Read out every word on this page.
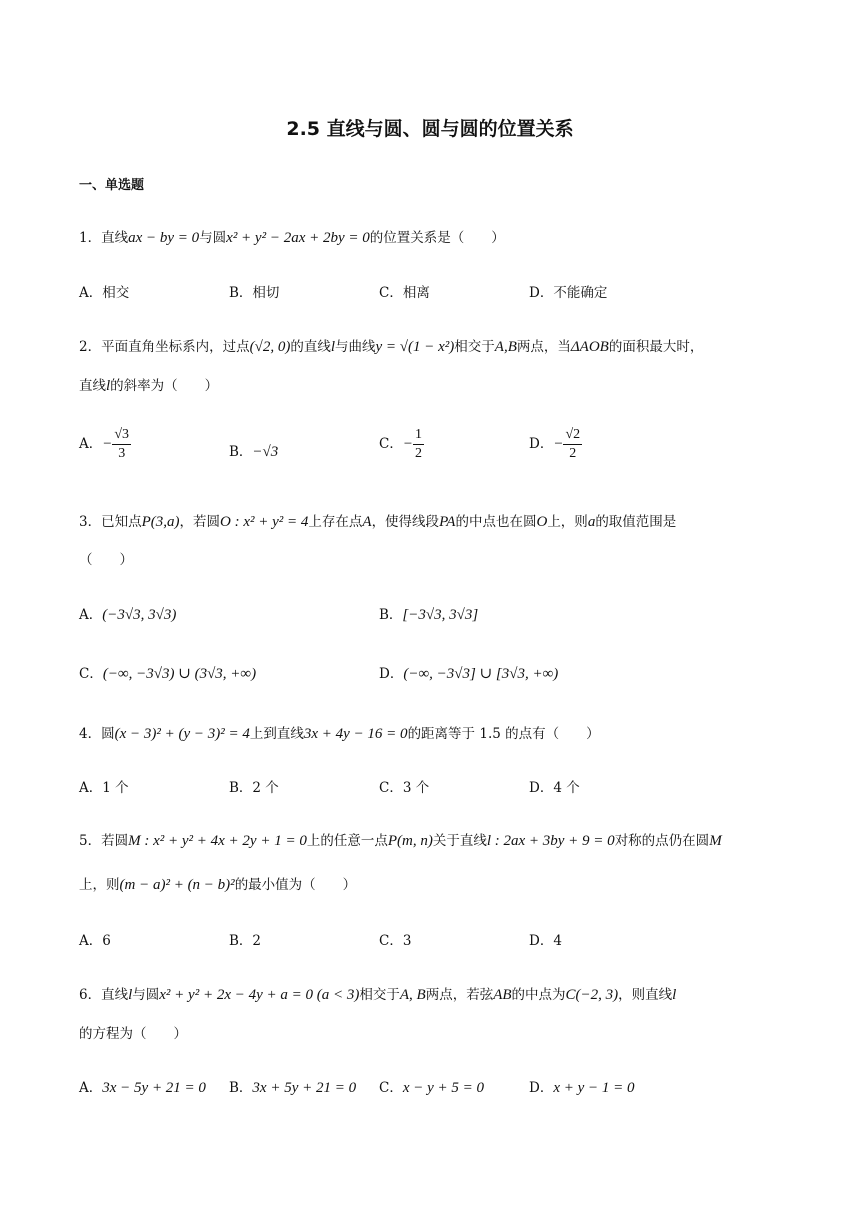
2.5 直线与圆、圆与圆的位置关系
一、单选题
1．直线ax − by = 0与圆x² + y² − 2ax + 2by = 0的位置关系是（　　）
A．相交	B．相切	C．相离	D．不能确定
2．平面直角坐标系内，过点(√2, 0)的直线l与曲线y = √(1 − x²)相交于A,B两点，当ΔAOB的面积最大时，
直线l的斜率为（　　）
A．− $\frac{√3}{3}$	B．−√3	C．− $\frac{1}{2}$	D．− $\frac{√2}{2}$
3．已知点P(3,a)，若圆O : x² + y² = 4上存在点A，使得线段PA的中点也在圆O上，则a的取值范围是
（　　）
A．(−3√3, 3√3)	B．[−3√3, 3√3]
C．(−∞, −3√3) ∪ (3√3, +∞)	D．(−∞, −3√3] ∪ [3√3, +∞)
4．圆(x − 3)² + (y − 3)² = 4上到直线3x + 4y − 16 = 0的距离等于 1.5 的点有（　　）
A．1 个	B．2 个	C．3 个	D．4 个
5．若圆M : x² + y² + 4x + 2y + 1 = 0上的任意一点P(m, n)关于直线l : 2ax + 3by + 9 = 0对称的点仍在圆M
上，则(m − a)² + (n − b)²的最小值为（　　）
A．6	B．2	C．3	D．4
6．直线l与圆x² + y² + 2x − 4y + a = 0 (a < 3)相交于A, B两点，若弦AB的中点为C(−2, 3)，则直线l
的方程为（　　）
A．3x − 5y + 21 = 0 B．3x + 5y + 21 = 0 C．x − y + 5 = 0	D．x + y − 1 = 0
